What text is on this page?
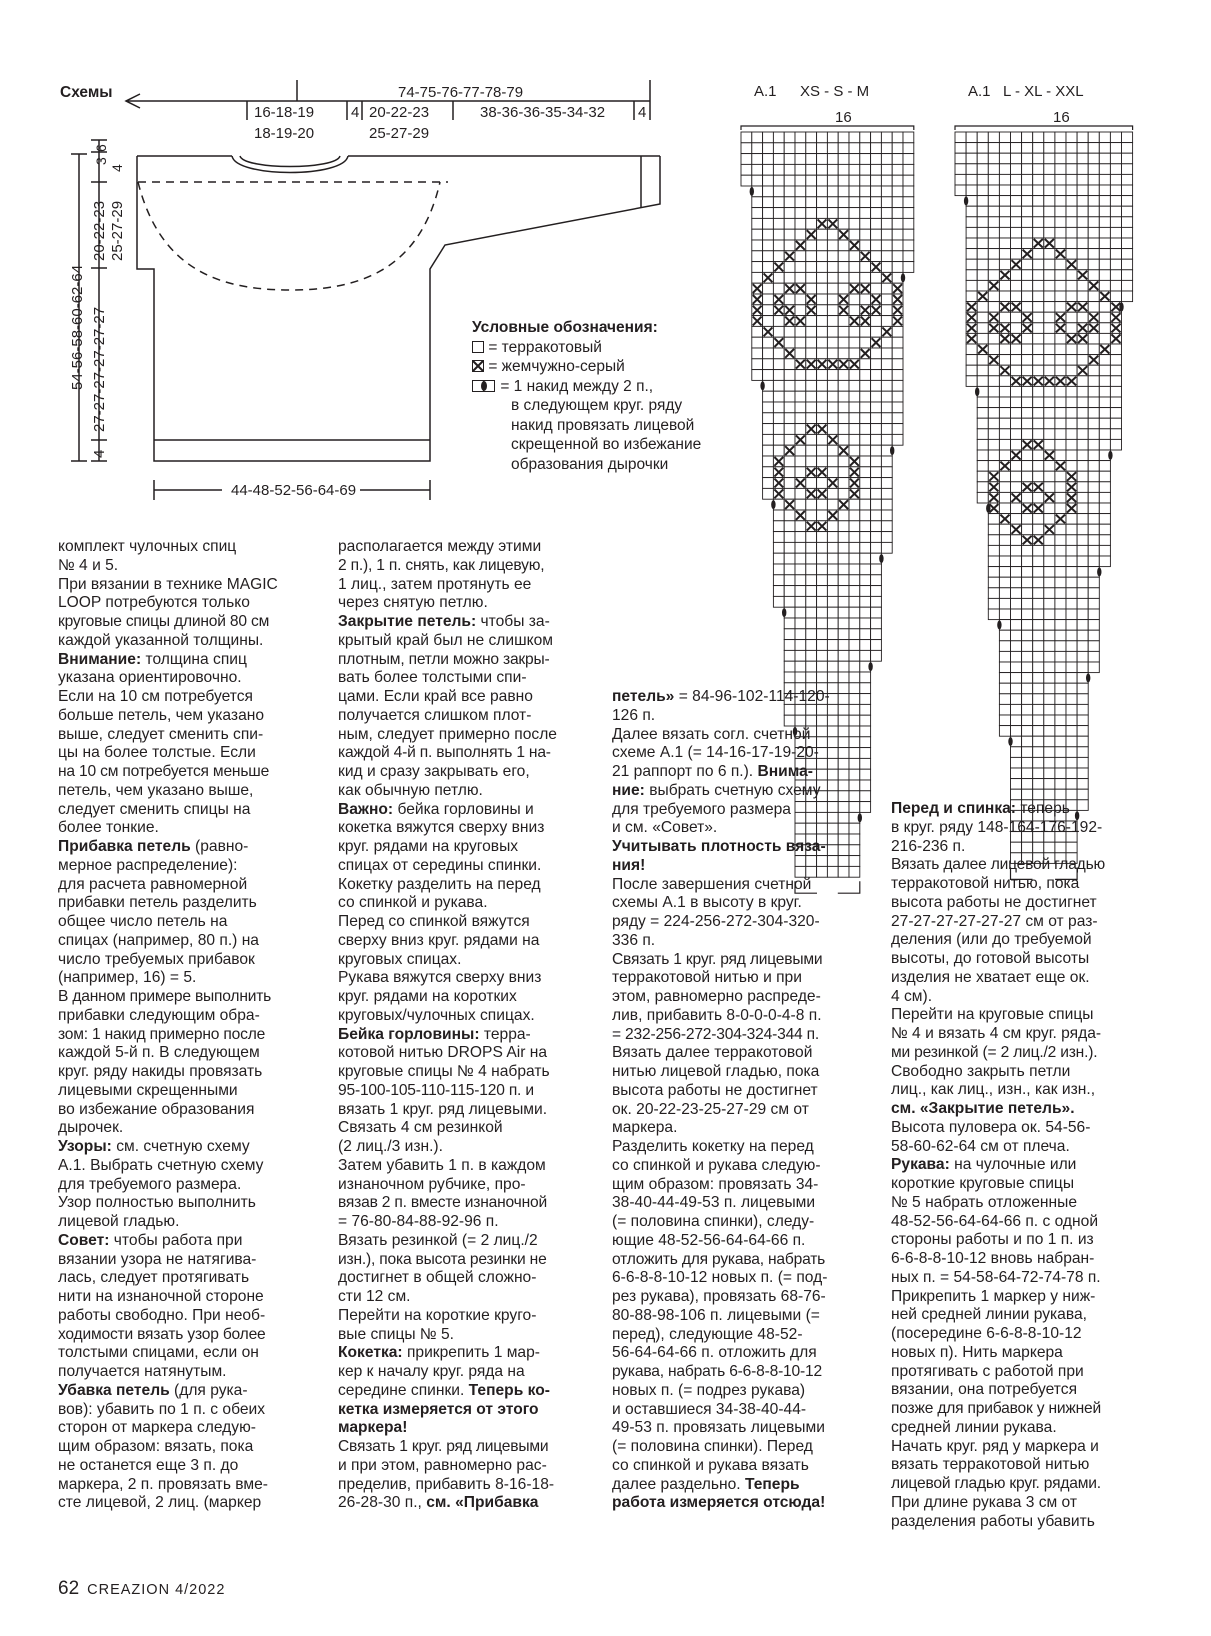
Схемы	74-75-76-77-78-79
16-18-19
18-19-20
4 20-22-23
25-27-29
38-36-36-35-34-32 4
3
6
4
20-22-23 25-27-29
54-56-58-60-62-64 27-27-27-27-27-27
4
44-48-52-56-64-69

Условные обозначения:

= терракотовый

= жемчужно-серый

= 1 накид между 2 п.,

в следующем круг. ряду

накид провязать лицевой

скрещенной во избежание

образования дырочки

A.1 XS - S - M
16
A.1 L - XL - XXL
16

комплект чулочных спиц

№ 4 и 5.

При вязании в технике MAGIC

LOOP потребуются только

круговые спицы длиной 80 см

каждой указанной толщины.

Внимание: толщина спиц

указана ориентировочно.

Если на 10 см потребуется

больше петель, чем указано

выше, следует сменить спи-

цы на более толстые. Если

на 10 см потребуется меньше

петель, чем указано выше,

следует сменить спицы на

более тонкие.

Прибавка петель (равно-

мерное распределение):

для расчета равномерной

прибавки петель разделить

общее число петель на

спицах (например, 80 п.) на

число требуемых прибавок

(например, 16) = 5.

В данном примере выполнить

прибавки следующим обра-

зом: 1 накид примерно после

каждой 5-й п. В следующем

круг. ряду накиды провязать

лицевыми скрещенными

во избежание образования

дырочек.

Узоры: см. счетную схему

А.1. Выбрать счетную схему

для требуемого размера.

Узор полностью выполнить

лицевой гладью.

Совет: чтобы работа при

вязании узора не натягива-

лась, следует протягивать

нити на изнаночной стороне

работы свободно. При необ-

ходимости вязать узор более

толстыми спицами, если он

получается натянутым.

Убавка петель (для рука-

вов): убавить по 1 п. с обеих

сторон от маркера следую-

щим образом: вязать, пока

не останется еще 3 п. до

маркера, 2 п. провязать вме-

сте лицевой, 2 лиц. (маркер

располагается между этими

2 п.), 1 п. снять, как лицевую,

1 лиц., затем протянуть ее

через снятую петлю.

Закрытие петель: чтобы за-

крытый край был не слишком

плотным, петли можно закры-

вать более толстыми спи-

цами. Если край все равно

получается слишком плот-

ным, следует примерно после

каждой 4-й п. выполнять 1 на-

кид и сразу закрывать его,

как обычную петлю.

Важно: бейка горловины и

кокетка вяжутся сверху вниз

круг. рядами на круговых

спицах от середины спинки.

Кокетку разделить на перед

со спинкой и рукава.

Перед со спинкой вяжутся

сверху вниз круг. рядами на

круговых спицах.

Рукава вяжутся сверху вниз

круг. рядами на коротких

круговых/чулочных спицах.

Бейка горловины: терра-

котовой нитью DROPS Air на

круговые спицы № 4 набрать

95-100-105-110-115-120 п. и

вязать 1 круг. ряд лицевыми.

Связать 4 см резинкой

(2 лиц./3 изн.).

Затем убавить 1 п. в каждом

изнаночном рубчике, про-

вязав 2 п. вместе изнаночной

= 76-80-84-88-92-96 п.

Вязать резинкой (= 2 лиц./2

изн.), пока высота резинки не

достигнет в общей сложно-

сти 12 см.

Перейти на короткие круго-

вые спицы № 5.

Кокетка: прикрепить 1 мар-

кер к началу круг. ряда на

середине спинки. Теперь ко-

кетка измеряется от этого

маркера!

Связать 1 круг. ряд лицевыми

и при этом, равномерно рас-

пределив, прибавить 8-16-18-

26-28-30 п., см. «Прибавка

петель» = 84-96-102-114-120-

126 п.

Далее вязать согл. счетной

схеме А.1 (= 14-16-17-19-20-

21 раппорт по 6 п.). Внима-

ние: выбрать счетную схему

для требуемого размера

и см. «Совет».

Учитывать плотность вяза-

ния!

После завершения счетной

схемы А.1 в высоту в круг.

ряду = 224-256-272-304-320-

336 п.

Связать 1 круг. ряд лицевыми

терракотовой нитью и при

этом, равномерно распреде-

лив, прибавить 8-0-0-0-4-8 п.

= 232-256-272-304-324-344 п.

Вязать далее терракотовой

нитью лицевой гладью, пока

высота работы не достигнет

ок. 20-22-23-25-27-29 см от

маркера.

Разделить кокетку на перед

со спинкой и рукава следую-

щим образом: провязать 34-

38-40-44-49-53 п. лицевыми

(= половина спинки), следу-

ющие 48-52-56-64-64-66 п.

отложить для рукава, набрать

6-6-8-8-10-12 новых п. (= под-

рез рукава), провязать 68-76-

80-88-98-106 п. лицевыми (=

перед), следующие 48-52-

56-64-64-66 п. отложить для

рукава, набрать 6-6-8-8-10-12

новых п. (= подрез рукава)

и оставшиеся 34-38-40-44-

49-53 п. провязать лицевыми

(= половина спинки). Перед

со спинкой и рукава вязать

далее раздельно. Теперь

работа измеряется отсюда!

Перед и спинка: теперь

в круг. ряду 148-164-176-192-

216-236 п.

Вязать далее лицевой гладью

терракотовой нитью, пока

высота работы не достигнет

27-27-27-27-27-27 см от раз-

деления (или до требуемой

высоты, до готовой высоты

изделия не хватает еще ок.

4 см).

Перейти на круговые спицы

№ 4 и вязать 4 см круг. ряда-

ми резинкой (= 2 лиц./2 изн.).

Свободно закрыть петли

лиц., как лиц., изн., как изн.,

см. «Закрытие петель».

Высота пуловера ок. 54-56-

58-60-62-64 см от плеча.

Рукава: на чулочные или

короткие круговые спицы

№ 5 набрать отложенные

48-52-56-64-64-66 п. с одной

стороны работы и по 1 п. из

6-6-8-8-10-12 вновь набран-

ных п. = 54-58-64-72-74-78 п.

Прикрепить 1 маркер у ниж-

ней средней линии рукава,

(посередине 6-6-8-8-10-12

новых п). Нить маркера

протягивать с работой при

вязании, она потребуется

позже для прибавок у нижней

средней линии рукава.

Начать круг. ряд у маркера и

вязать терракотовой нитью

лицевой гладью круг. рядами.

При длине рукава 3 см от

разделения работы убавить

62 CREAZION 4/2022
